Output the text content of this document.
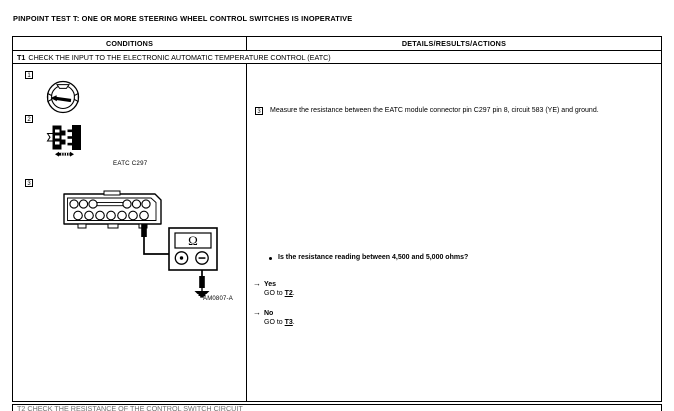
PINPOINT TEST T: ONE OR MORE STEERING WHEEL CONTROL SWITCHES IS INOPERATIVE
CONDITIONS	DETAILS/RESULTS/ACTIONS
T1 CHECK THE INPUT TO THE ELECTRONIC AUTOMATIC TEMPERATURE CONTROL (EATC)
1
2
EATC C297
3
Ω
AM0807-A
3	Measure the resistance between the EATC module connector pin C297 pin 8, circuit 583 (YE) and ground.
Is the resistance reading between 4,500 and 5,000 ohms?
→ Yes
GO to T2.
→ No
GO to T3.
T2 CHECK THE RESISTANCE OF THE CONTROL SWITCH CIRCUIT
